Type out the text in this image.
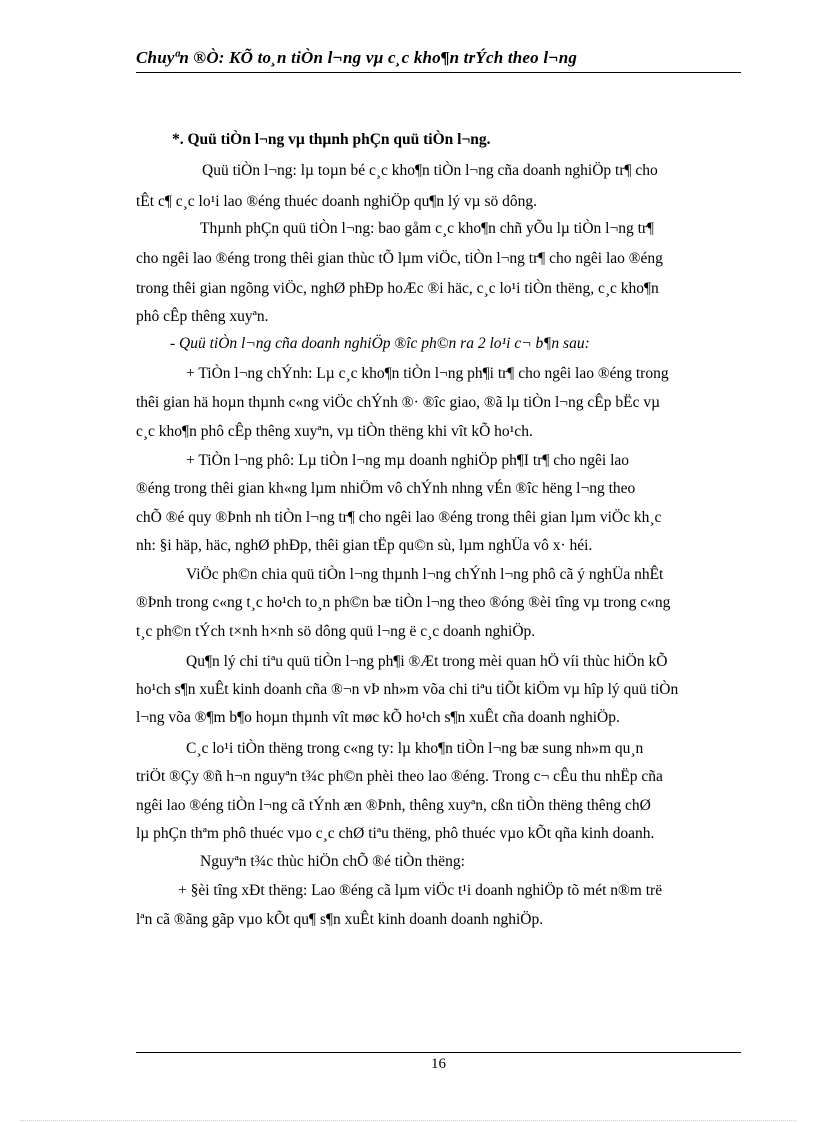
Chuyªn ®Ò: KÕ to¸n tiÒn l¬ng vµ c¸c kho¶n trÝch theo l¬ng
*. Quü tiÒn l¬ng vµ thµnh phÇn quü tiÒn l¬ng.
Quü tiÒn l¬ng: lµ toµn bé c¸c kho¶n tiÒn l¬ng cña doanh nghiÖp tr¶ cho
tÊt c¶ c¸c lo¹i lao ®éng thuéc doanh nghiÖp qu¶n lý vµ sö dông.
Thµnh phÇn quü tiÒn l¬ng: bao gåm c¸c kho¶n chñ yÕu lµ tiÒn l¬ng tr¶
cho ngêi lao ®éng trong thêi gian thùc tÕ lµm viÖc, tiÒn l¬ng tr¶ cho ngêi lao ®éng
trong thêi gian ngõng viÖc, nghØ phÐp hoÆc ®i häc, c¸c lo¹i tiÒn thëng, c¸c kho¶n
phô cÊp thêng xuyªn.
- Quü tiÒn l¬ng cña doanh nghiÖp ®îc ph©n ra 2 lo¹i c¬ b¶n sau:
+ TiÒn l¬ng chÝnh: Lµ c¸c kho¶n tiÒn l¬ng ph¶i tr¶ cho ngêi lao ®éng trong
thêi gian hä hoµn thµnh c«ng viÖc chÝnh ®· ®îc giao, ®ã lµ tiÒn l¬ng cÊp bËc vµ
c¸c kho¶n phô cÊp thêng xuyªn, vµ tiÒn thëng khi vît kÕ ho¹ch.
+ TiÒn l¬ng phô: Lµ tiÒn l¬ng mµ doanh nghiÖp ph¶I tr¶ cho ngêi lao
®éng trong thêi gian kh«ng lµm nhiÖm vô chÝnh nhng vÉn ®îc hëng l¬ng theo
chÕ ®é quy ®Þnh nh tiÒn l¬ng tr¶ cho ngêi lao ®éng trong thêi gian lµm viÖc kh¸c
nh: §i häp, häc, nghØ phÐp, thêi gian tËp qu©n sù, lµm nghÜa vô x· héi.
ViÖc ph©n chia quü tiÒn l¬ng thµnh l¬ng chÝnh l¬ng phô cã ý nghÜa nhÊt
®Þnh trong c«ng t¸c ho¹ch to¸n ph©n bæ tiÒn l¬ng theo ®óng ®èi tîng vµ trong c«ng
t¸c ph©n tÝch t×nh h×nh sö dông quü l¬ng ë c¸c doanh nghiÖp.
Qu¶n lý chi tiªu quü tiÒn l¬ng ph¶i ®Æt trong mèi quan hÖ víi thùc hiÖn kÕ
ho¹ch s¶n xuÊt kinh doanh cña ®¬n vÞ nh»m võa chi tiªu tiÕt kiÖm vµ hîp lý quü tiÒn
l¬ng võa ®¶m b¶o hoµn thµnh vît møc kÕ ho¹ch s¶n xuÊt cña doanh nghiÖp.
C¸c lo¹i tiÒn thëng trong c«ng ty: lµ kho¶n tiÒn l¬ng bæ sung nh»m qu¸n
triÖt ®Çy ®ñ h¬n nguyªn t¾c ph©n phèi theo lao ®éng. Trong c¬ cÊu thu nhËp cña
ngêi lao ®éng tiÒn l¬ng cã tÝnh æn ®Þnh, thêng xuyªn, cßn tiÒn thëng thêng chØ
lµ phÇn thªm phô thuéc vµo c¸c chØ tiªu thëng, phô thuéc vµo kÕt qña kinh doanh.
Nguyªn t¾c thùc hiÖn chÕ ®é tiÒn thëng:
+ §èi tîng xÐt thëng: Lao ®éng cã lµm viÖc t¹i doanh nghiÖp tõ mét n®m trë
lªn cã ®ãng gãp vµo kÕt qu¶ s¶n xuÊt kinh doanh doanh nghiÖp.
16
